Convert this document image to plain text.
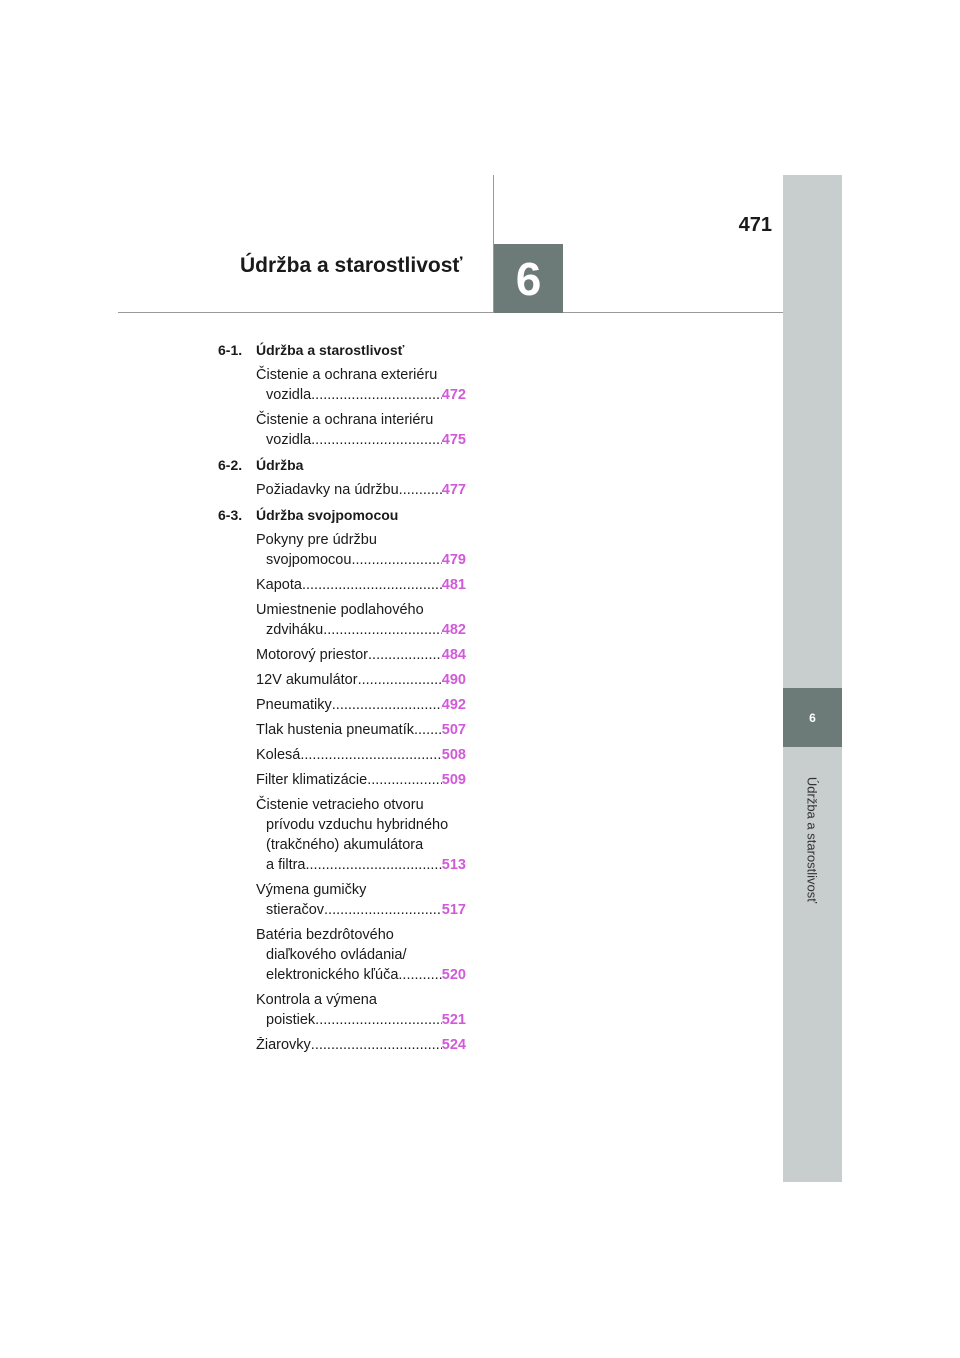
471
Údržba a starostlivosť	6
6
Údržba a starostlivosť
6-1. Údržba a starostlivosť
Čistenie a ochrana exteriéru
vozidla .....	472
Čistenie a ochrana interiéru
vozidla .....	475
6-2. Údržba
Požiadavky na údržbu .....	477
6-3. Údržba svojpomocou
Pokyny pre údržbu
svojpomocou .....	479
Kapota .....	481
Umiestnenie podlahového
zdviháku .....	482
Motorový priestor .....	484
12V akumulátor .....	490
Pneumatiky .....	492
Tlak hustenia pneumatík ..... 507
Kolesá .....	508
Filter klimatizácie .....	509
Čistenie vetracieho otvoru
prívodu vzduchu hybridného
(trakčného) akumulátora
a filtra .....	513
Výmena gumičky
stieračov .....	517
Batéria bezdrôtového
diaľkového ovládania/
elektronického kľúča .....	520
Kontrola a výmena
poistiek .....	521
Žiarovky .....	524
